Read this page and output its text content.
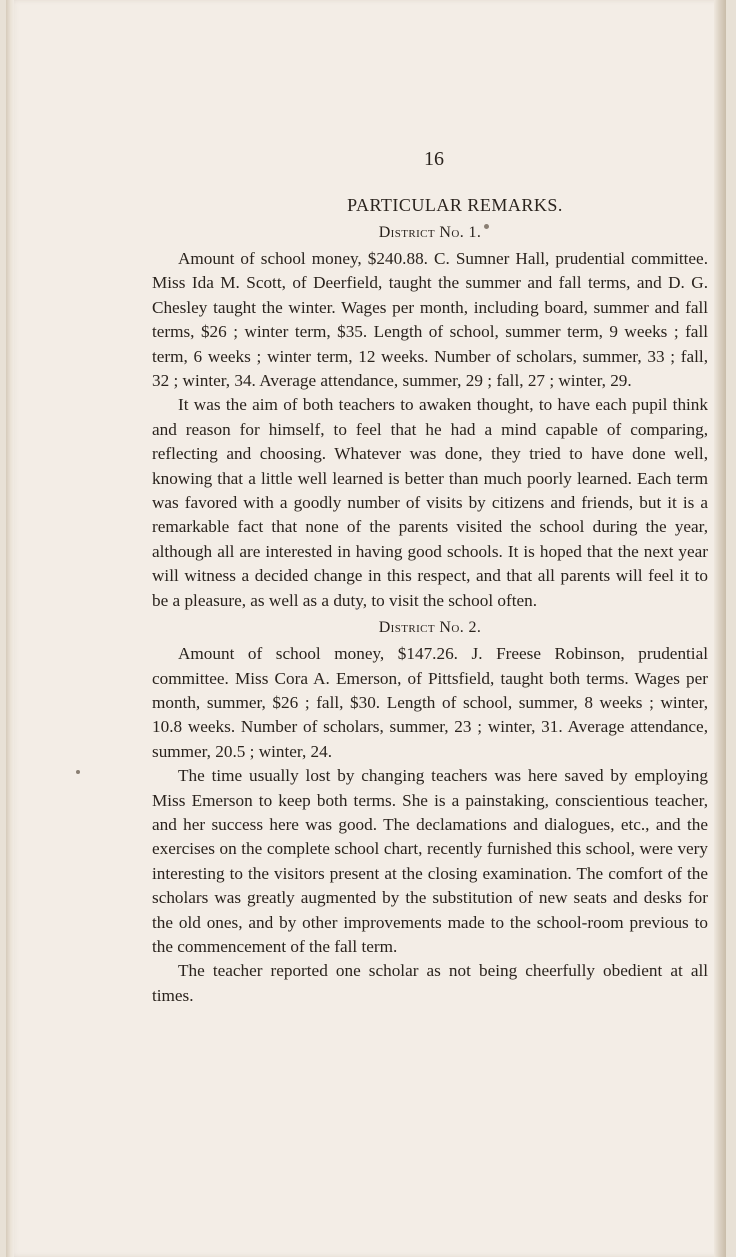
16
PARTICULAR REMARKS.
District No. 1.

Amount of school money, $240.88. C. Sumner Hall, prudential committee. Miss Ida M. Scott, of Deerfield, taught the summer and fall terms, and D. G. Chesley taught the winter. Wages per month, including board, summer and fall terms, $26 ; winter term, $35. Length of school, summer term, 9 weeks ; fall term, 6 weeks ; winter term, 12 weeks. Number of scholars, summer, 33 ; fall, 32 ; winter, 34. Average attendance, summer, 29 ; fall, 27 ; winter, 29.

It was the aim of both teachers to awaken thought, to have each pupil think and reason for himself, to feel that he had a mind capable of comparing, reflecting and choosing. Whatever was done, they tried to have done well, knowing that a little well learned is better than much poorly learned. Each term was favored with a goodly number of visits by citizens and friends, but it is a remarkable fact that none of the parents visited the school during the year, although all are interested in having good schools. It is hoped that the next year will witness a decided change in this respect, and that all parents will feel it to be a pleasure, as well as a duty, to visit the school often.

District No. 2.

Amount of school money, $147.26. J. Freese Robinson, prudential committee. Miss Cora A. Emerson, of Pittsfield, taught both terms. Wages per month, summer, $26 ; fall, $30. Length of school, summer, 8 weeks ; winter, 10.8 weeks. Number of scholars, summer, 23 ; winter, 31. Average attendance, summer, 20.5 ; winter, 24.

The time usually lost by changing teachers was here saved by employing Miss Emerson to keep both terms. She is a painstaking, conscientious teacher, and her success here was good. The declamations and dialogues, etc., and the exercises on the complete school chart, recently furnished this school, were very interesting to the visitors present at the closing examination. The comfort of the scholars was greatly augmented by the substitution of new seats and desks for the old ones, and by other improvements made to the school-room previous to the commencement of the fall term.

The teacher reported one scholar as not being cheerfully obedient at all times.
